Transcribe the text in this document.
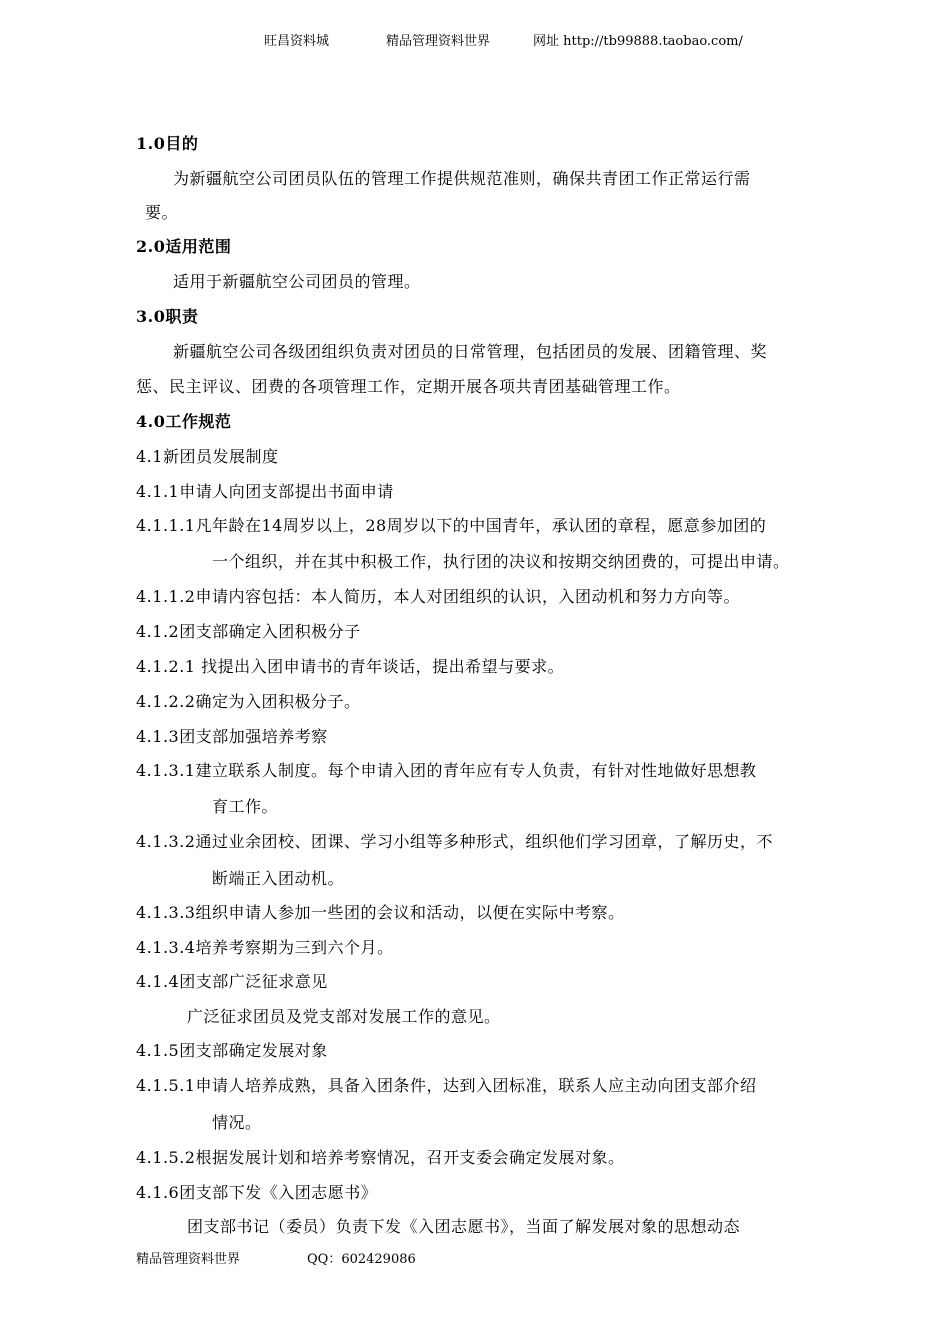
旺昌资料城	精品管理资料世界	网址 http://tb99888.taobao.com/
1.0目的
为新疆航空公司团员队伍的管理工作提供规范准则，确保共青团工作正常运行需
要。
2.0适用范围
适用于新疆航空公司团员的管理。
3.0职责
新疆航空公司各级团组织负责对团员的日常管理，包括团员的发展、团籍管理、奖
惩、民主评议、团费的各项管理工作，定期开展各项共青团基础管理工作。
4.0工作规范
4.1新团员发展制度
4.1.1申请人向团支部提出书面申请
4.1.1.1凡年龄在14周岁以上，28周岁以下的中国青年，承认团的章程，愿意参加团的
一个组织，并在其中积极工作，执行团的决议和按期交纳团费的，可提出申请。
4.1.1.2申请内容包括：本人简历，本人对团组织的认识，入团动机和努力方向等。
4.1.2团支部确定入团积极分子
4.1.2.1 找提出入团申请书的青年谈话，提出希望与要求。
4.1.2.2确定为入团积极分子。
4.1.3团支部加强培养考察
4.1.3.1建立联系人制度。每个申请入团的青年应有专人负责，有针对性地做好思想教
育工作。
4.1.3.2通过业余团校、团课、学习小组等多种形式，组织他们学习团章，了解历史，不
断端正入团动机。
4.1.3.3组织申请人参加一些团的会议和活动，以便在实际中考察。
4.1.3.4培养考察期为三到六个月。
4.1.4团支部广泛征求意见
广泛征求团员及党支部对发展工作的意见。
4.1.5团支部确定发展对象
4.1.5.1申请人培养成熟，具备入团条件，达到入团标准，联系人应主动向团支部介绍
情况。
4.1.5.2根据发展计划和培养考察情况，召开支委会确定发展对象。
4.1.6团支部下发《入团志愿书》
团支部书记（委员）负责下发《入团志愿书》，当面了解发展对象的思想动态
精品管理资料世界	QQ：602429086
